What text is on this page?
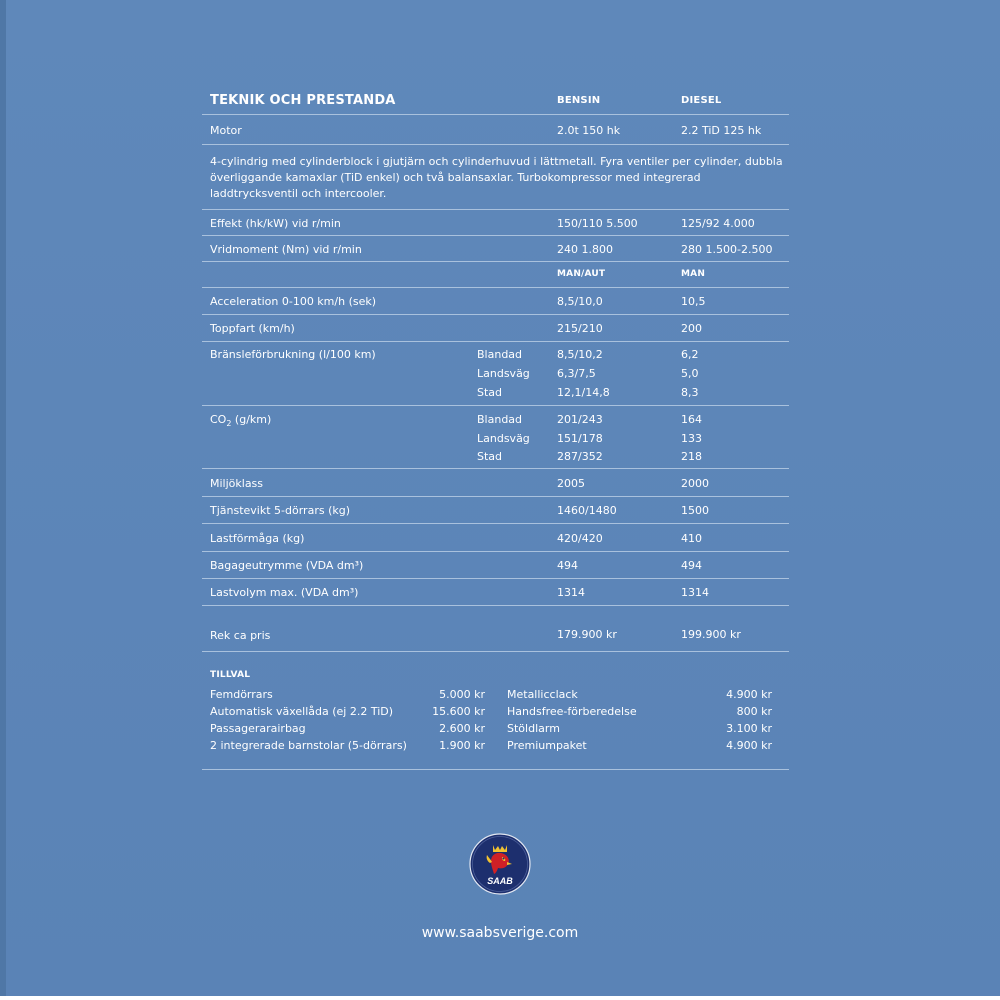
TEKNIK OCH PRESTANDA	BENSIN	DIESEL
Motor	2.0t 150 hk	2.2 TiD 125 hk
4-cylindrig med cylinderblock i gjutjärn och cylinderhuvud i lättmetall. Fyra ventiler per cylinder, dubbla överliggande kamaxlar (TiD enkel) och två balansaxlar. Turbokompressor med integrerad laddtrycksventil och intercooler.
Effekt (hk/kW) vid r/min	150/110 5.500	125/92 4.000
Vridmoment (Nm) vid r/min	240 1.800	280 1.500-2.500
MAN/AUT	MAN
Acceleration 0-100 km/h (sek)	8,5/10,0	10,5
Toppfart (km/h)	215/210	200
Bränsleförbrukning (l/100 km)	Blandad	8,5/10,2	6,2
Landsväg 6,3/7,5	5,0
Stad	12,1/14,8	8,3
$CO_2$ (g/km)	Blandad	201/243	164
Landsväg 151/178	133
Stad	287/352	218
Miljöklass	2005	2000
Tjänstevikt 5-dörrars (kg)	1460/1480	1500
Lastförmåga (kg)	420/420	410
Bagageutrymme (VDA dm³)	494	494
Lastvolym max. (VDA dm³)	1314	1314
Rek ca pris	179.900 kr	199.900 kr
TILLVAL
Femdörrars	5.000 kr
Automatisk växellåda (ej 2.2 TiD)	15.600 kr
Passagerarairbag	2.600 kr
2 integrerade barnstolar (5-dörrars)	1.900 kr
Metallicclack	4.900 kr
Handsfree-förberedelse	800 kr
Stöldlarm	3.100 kr
Premiumpaket	4.900 kr
SAAB
www.saabsverige.com
